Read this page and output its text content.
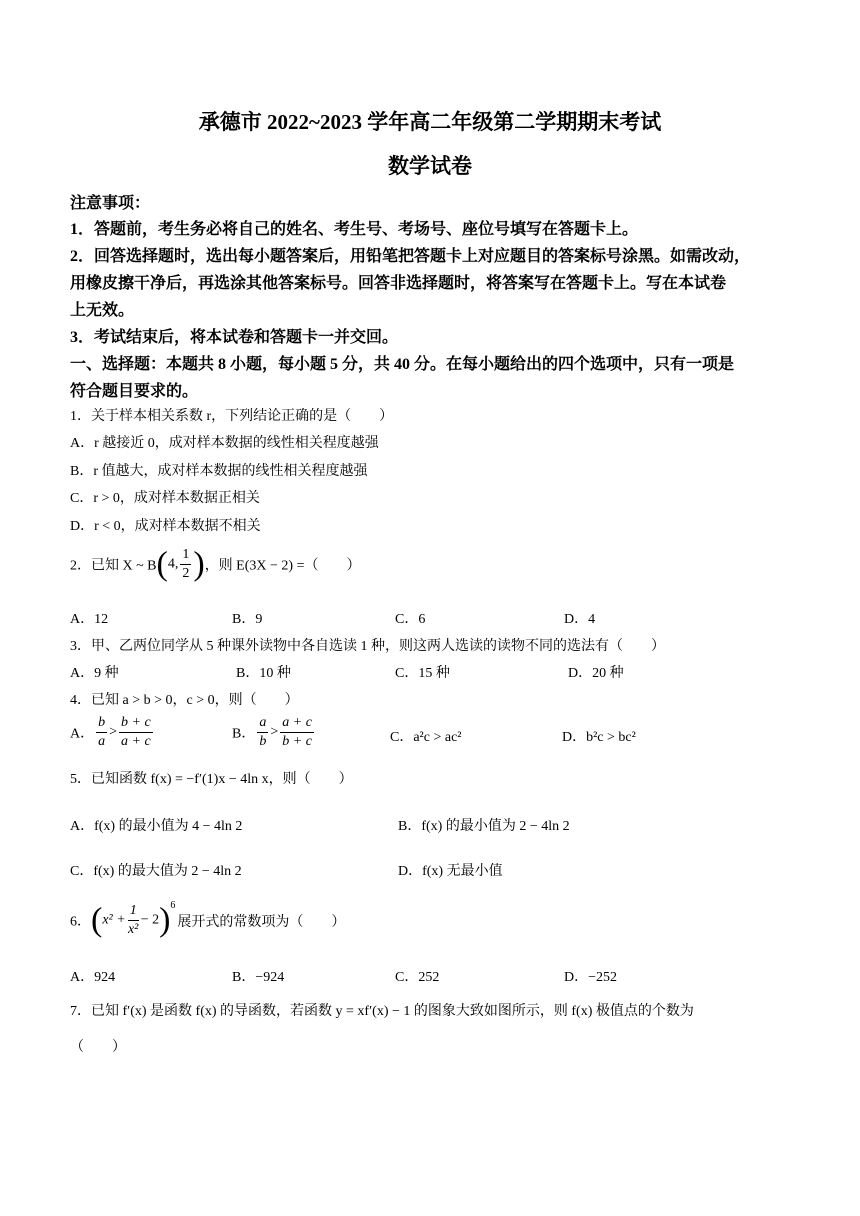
承德市 2022~2023 学年高二年级第二学期期末考试
数学试卷
注意事项：
1．答题前，考生务必将自己的姓名、考生号、考场号、座位号填写在答题卡上。
2．回答选择题时，选出每小题答案后，用铅笔把答题卡上对应题目的答案标号涂黑。如需改动，
用橡皮擦干净后，再选涂其他答案标号。回答非选择题时，将答案写在答题卡上。写在本试卷
上无效。
3．考试结束后，将本试卷和答题卡一并交回。
一、选择题：本题共 8 小题，每小题 5 分，共 40 分。在每小题给出的四个选项中，只有一项是
符合题目要求的。
1．关于样本相关系数 r，下列结论正确的是（　　）
A．r 越接近 0，成对样本数据的线性相关程度越强
B．r 值越大，成对样本数据的线性相关程度越强
C．r > 0，成对样本数据正相关
D．r < 0，成对样本数据不相关
2．已知 X ~ B(4, $\frac{1}{2}$ )，则 E(3X − 2) =（　　）
A．12	B．9	C．6	D．4
3．甲、乙两位同学从 5 种课外读物中各自选读 1 种，则这两人选读的读物不同的选法有（　　）
A．9 种	B．10 种	C．15 种	D．20 种
4．已知 a > b > 0，c > 0，则（　　）
A． $\frac{b}{a} > \frac{b + c}{a + c}$	B． $\frac{a}{b} > \frac{a + c}{b + c}$	C．a²c > ac²	D．b²c > bc²
5．已知函数 f(x) = −f′(1)x − 4ln x，则（　　）
A．f(x) 的最小值为 4 − 4ln 2	B．f(x) 的最小值为 2 − 4ln 2
C．f(x) 的最大值为 2 − 4ln 2	D．f(x) 无最小值
6．$(x^2 + \frac{1}{\text{x²}} - 2)^6$展开式的常数项为（　　）
A．924	B．−924	C．252	D．−252
7．已知 f′(x) 是函数 f(x) 的导函数，若函数 y = xf′(x) − 1 的图象大致如图所示，则 f(x) 极值点的个数为
（　　）
